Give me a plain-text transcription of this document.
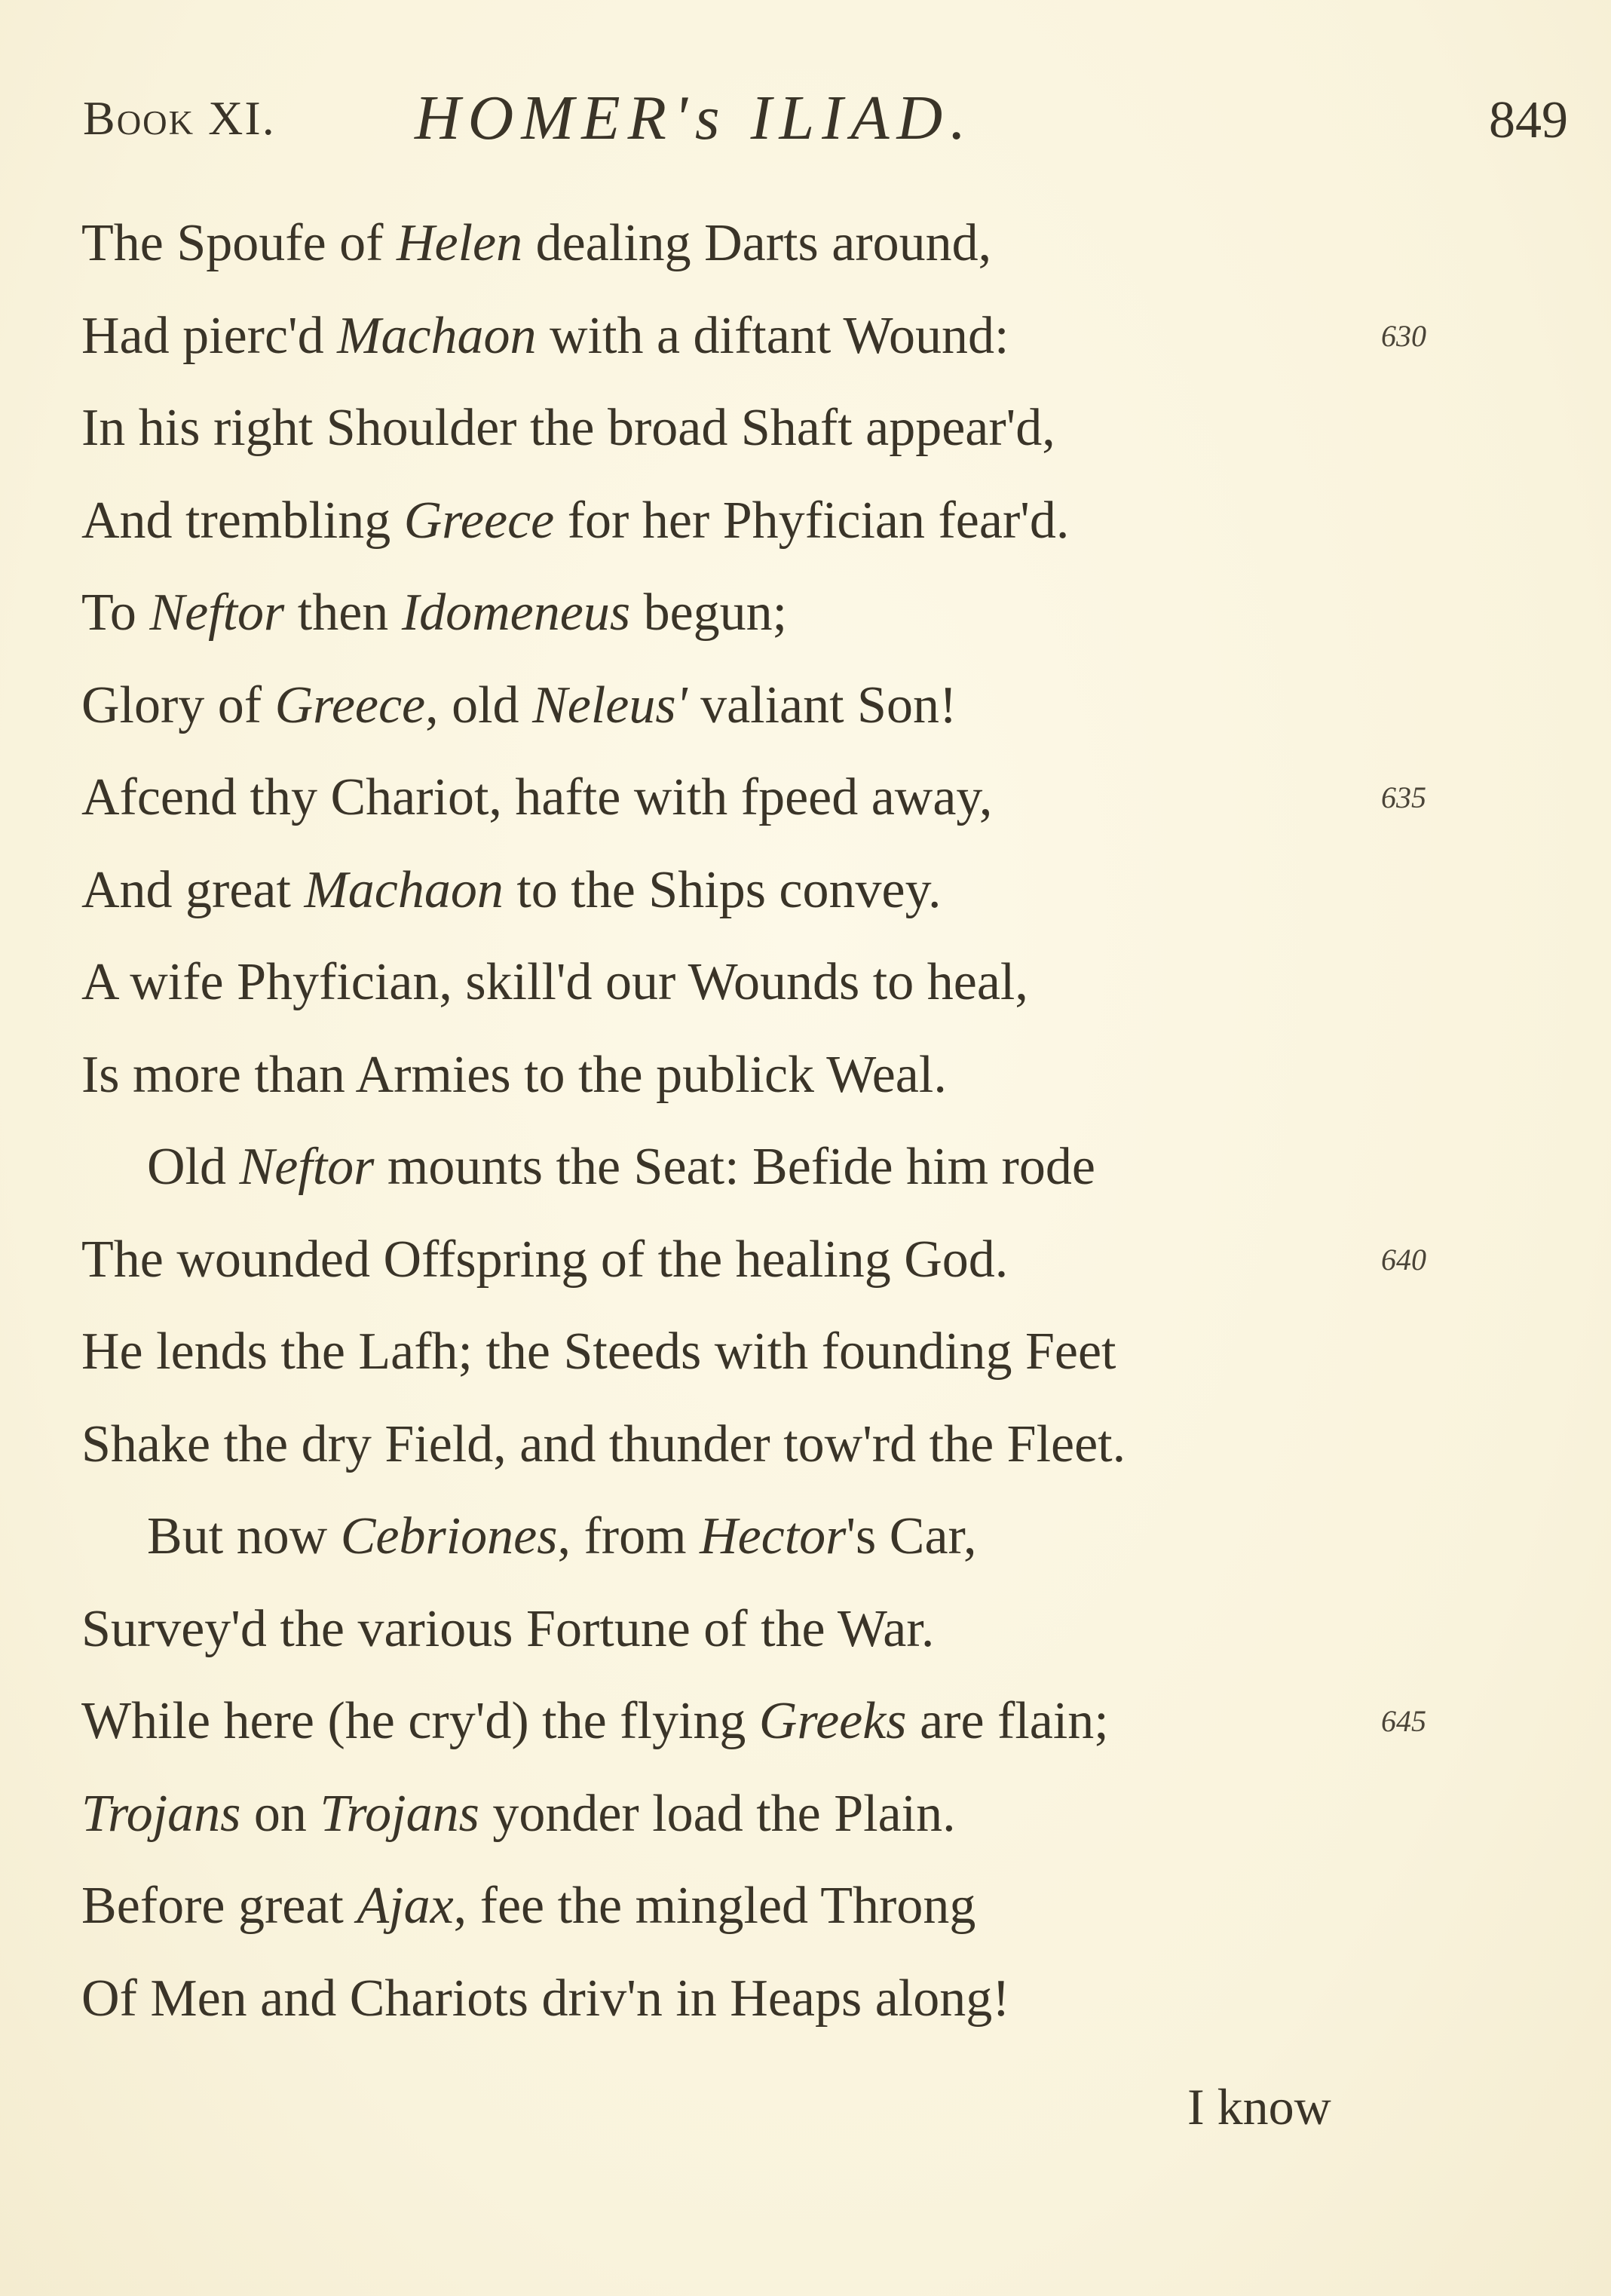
Book XI. HOMER's ILIAD.	849
The Spoufe of Helen dealing Darts around,
Had pierc'd Machaon with a diftant Wound:	630
In his right Shoulder the broad Shaft appear'd,
And trembling Greece for her Phyfician fear'd.
To Neftor then Idomeneus begun;
Glory of Greece, old Neleus' valiant Son!
Afcend thy Chariot, hafte with fpeed away,	635
And great Machaon to the Ships convey.
A wife Phyfician, skill'd our Wounds to heal,
Is more than Armies to the publick Weal.
Old Neftor mounts the Seat: Befide him rode
The wounded Offspring of the healing God.	640
He lends the Lafh; the Steeds with founding Feet
Shake the dry Field, and thunder tow'rd the Fleet.
But now Cebriones, from Hector's Car,
Survey'd the various Fortune of the War.
While here (he cry'd) the flying Greeks are flain;	645
Trojans on Trojans yonder load the Plain.
Before great Ajax, fee the mingled Throng
Of Men and Chariots driv'n in Heaps along!
I know
